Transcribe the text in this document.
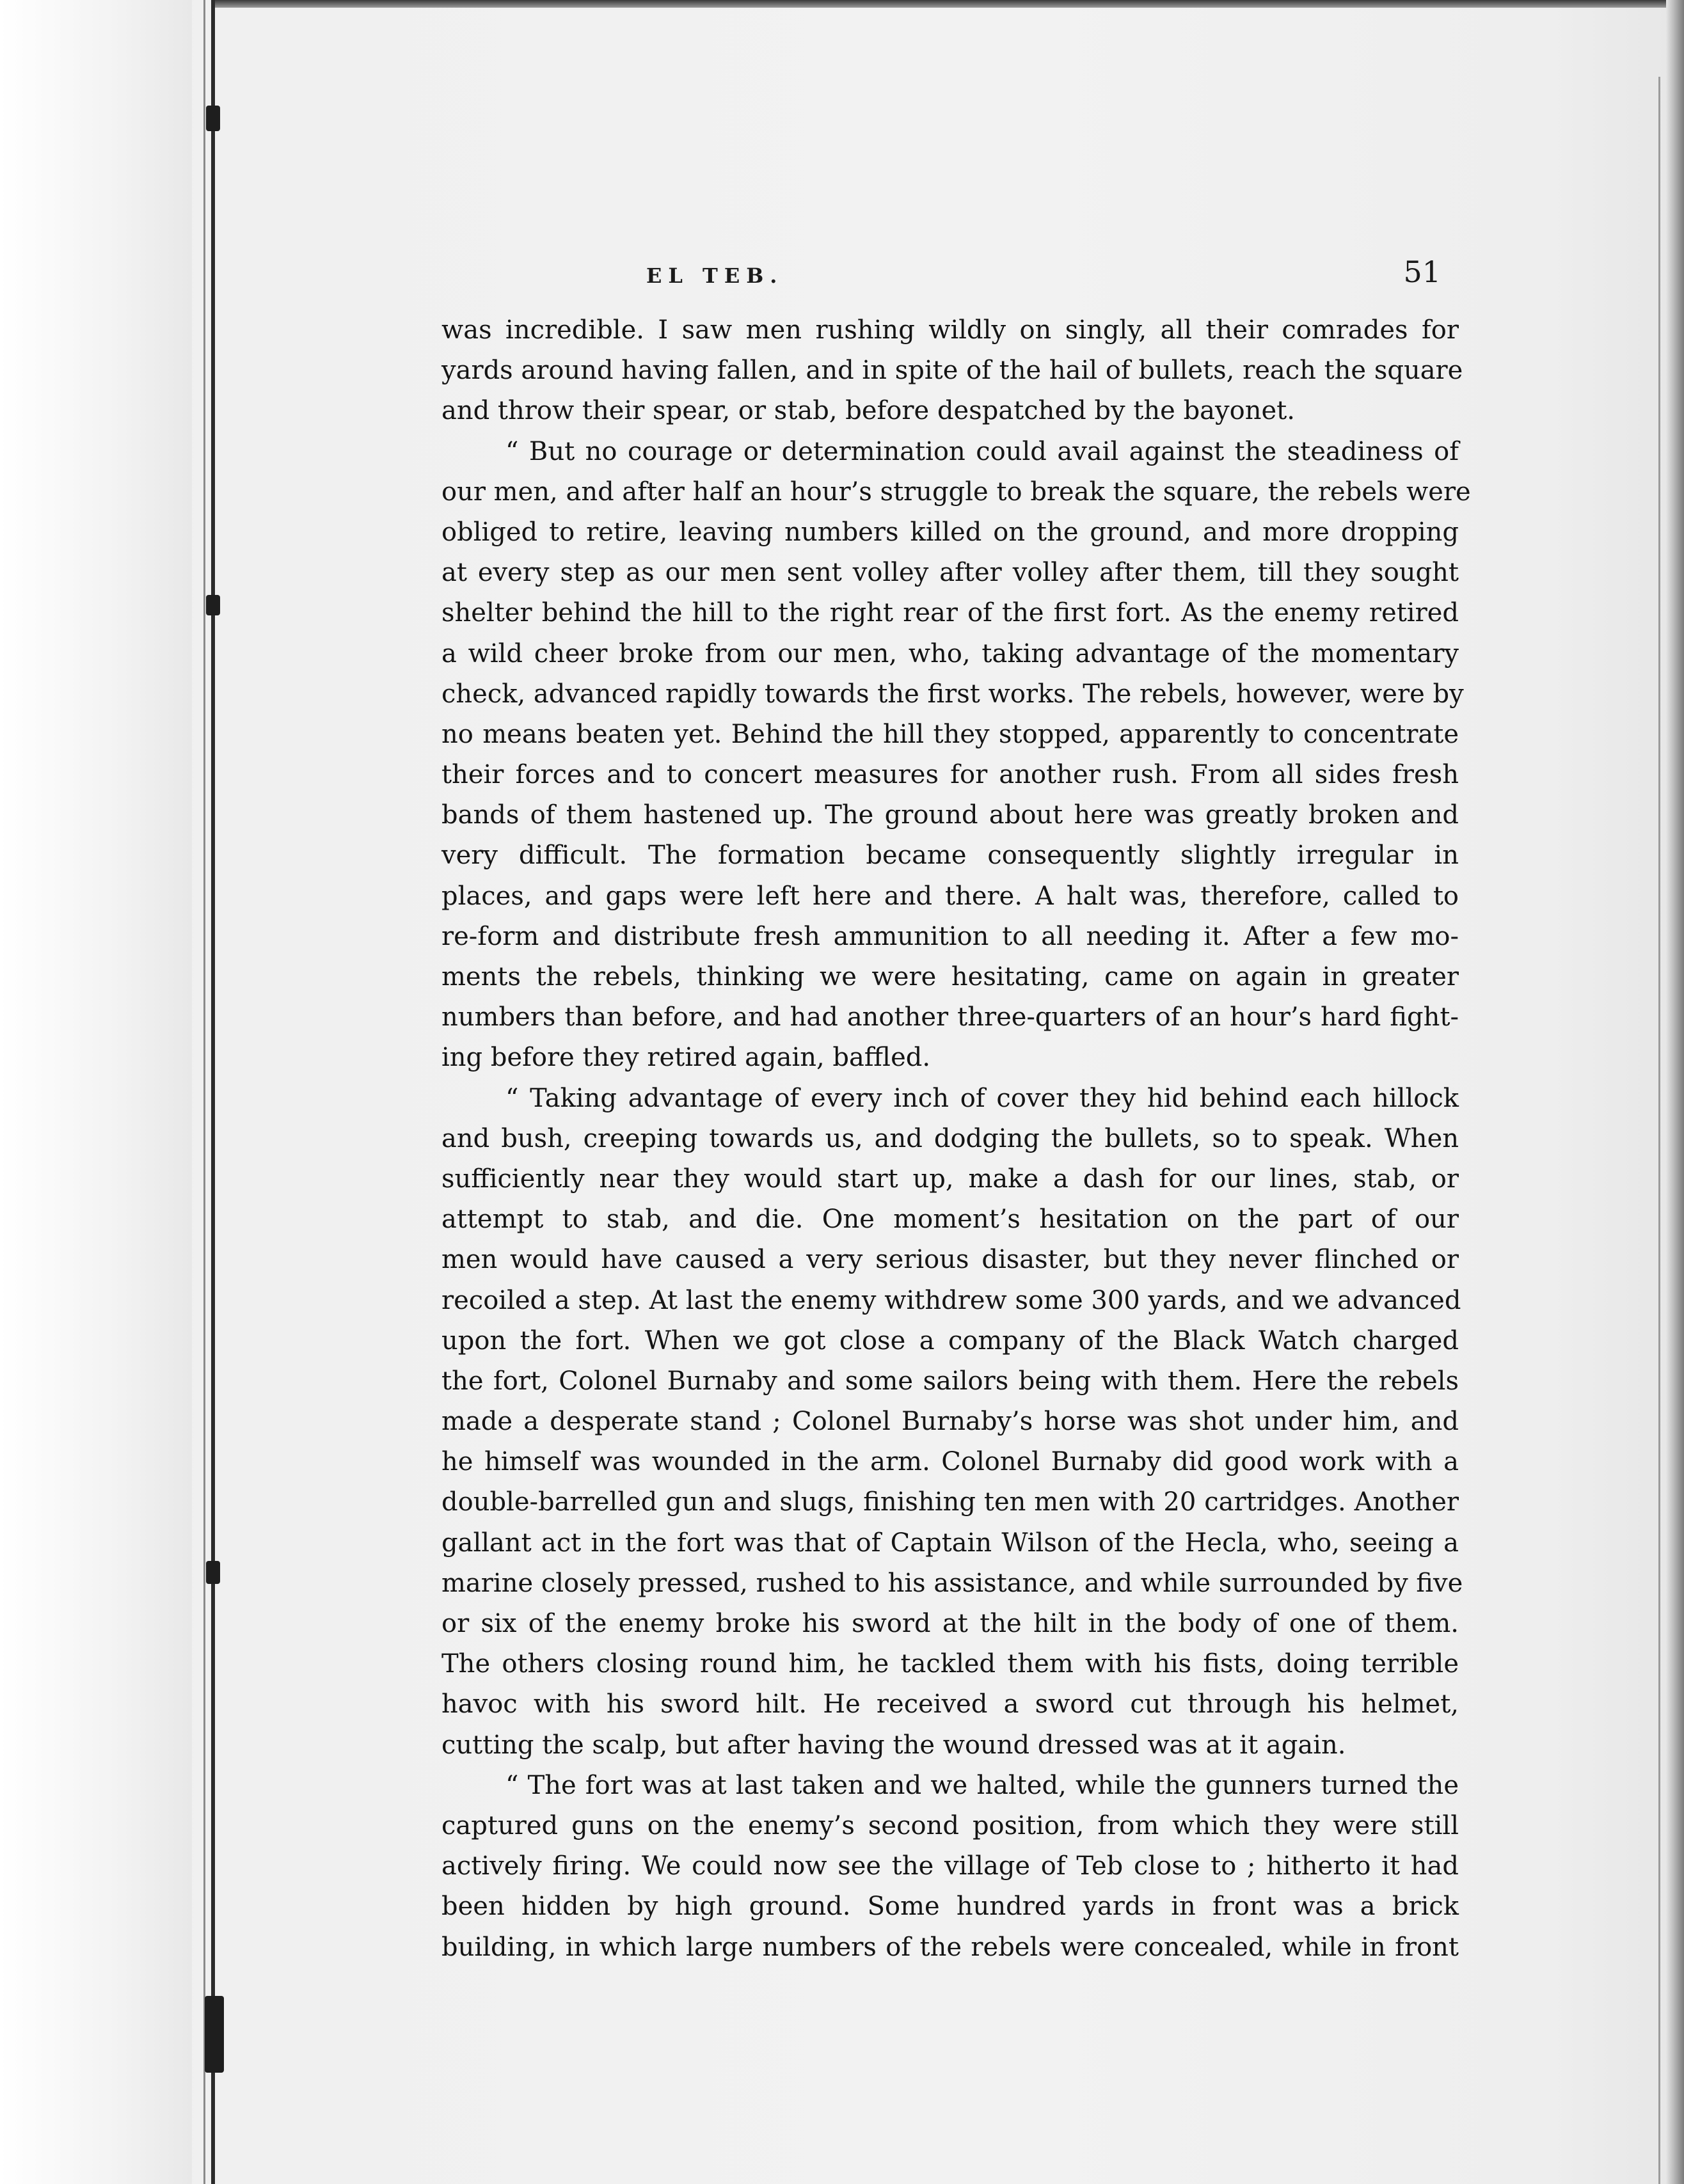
EL TEB.	51
was incredible. I saw men rushing wildly on singly, all their comrades for
yards around having fallen, and in spite of the hail of bullets, reach the square
and throw their spear, or stab, before despatched by the bayonet.
“ But no courage or determination could avail against the steadiness of
our men, and after half an hour’s struggle to break the square, the rebels were
obliged to retire, leaving numbers killed on the ground, and more dropping
at every step as our men sent volley after volley after them, till they sought
shelter behind the hill to the right rear of the first fort. As the enemy retired
a wild cheer broke from our men, who, taking advantage of the momentary
check, advanced rapidly towards the first works. The rebels, however, were by
no means beaten yet. Behind the hill they stopped, apparently to concentrate
their forces and to concert measures for another rush. From all sides fresh
bands of them hastened up. The ground about here was greatly broken and
very difficult. The formation became consequently slightly irregular in
places, and gaps were left here and there. A halt was, therefore, called to
re-form and distribute fresh ammunition to all needing it. After a few mo-
ments the rebels, thinking we were hesitating, came on again in greater
numbers than before, and had another three-quarters of an hour’s hard fight-
ing before they retired again, baffled.
“ Taking advantage of every inch of cover they hid behind each hillock
and bush, creeping towards us, and dodging the bullets, so to speak. When
sufficiently near they would start up, make a dash for our lines, stab, or
attempt to stab, and die. One moment’s hesitation on the part of our
men would have caused a very serious disaster, but they never flinched or
recoiled a step. At last the enemy withdrew some 300 yards, and we advanced
upon the fort. When we got close a company of the Black Watch charged
the fort, Colonel Burnaby and some sailors being with them. Here the rebels
made a desperate stand ; Colonel Burnaby’s horse was shot under him, and
he himself was wounded in the arm. Colonel Burnaby did good work with a
double-barrelled gun and slugs, finishing ten men with 20 cartridges. Another
gallant act in the fort was that of Captain Wilson of the Hecla, who, seeing a
marine closely pressed, rushed to his assistance, and while surrounded by five
or six of the enemy broke his sword at the hilt in the body of one of them.
The others closing round him, he tackled them with his fists, doing terrible
havoc with his sword hilt. He received a sword cut through his helmet,
cutting the scalp, but after having the wound dressed was at it again.
“ The fort was at last taken and we halted, while the gunners turned the
captured guns on the enemy’s second position, from which they were still
actively firing. We could now see the village of Teb close to ; hitherto it had
been hidden by high ground. Some hundred yards in front was a brick
building, in which large numbers of the rebels were concealed, while in front
